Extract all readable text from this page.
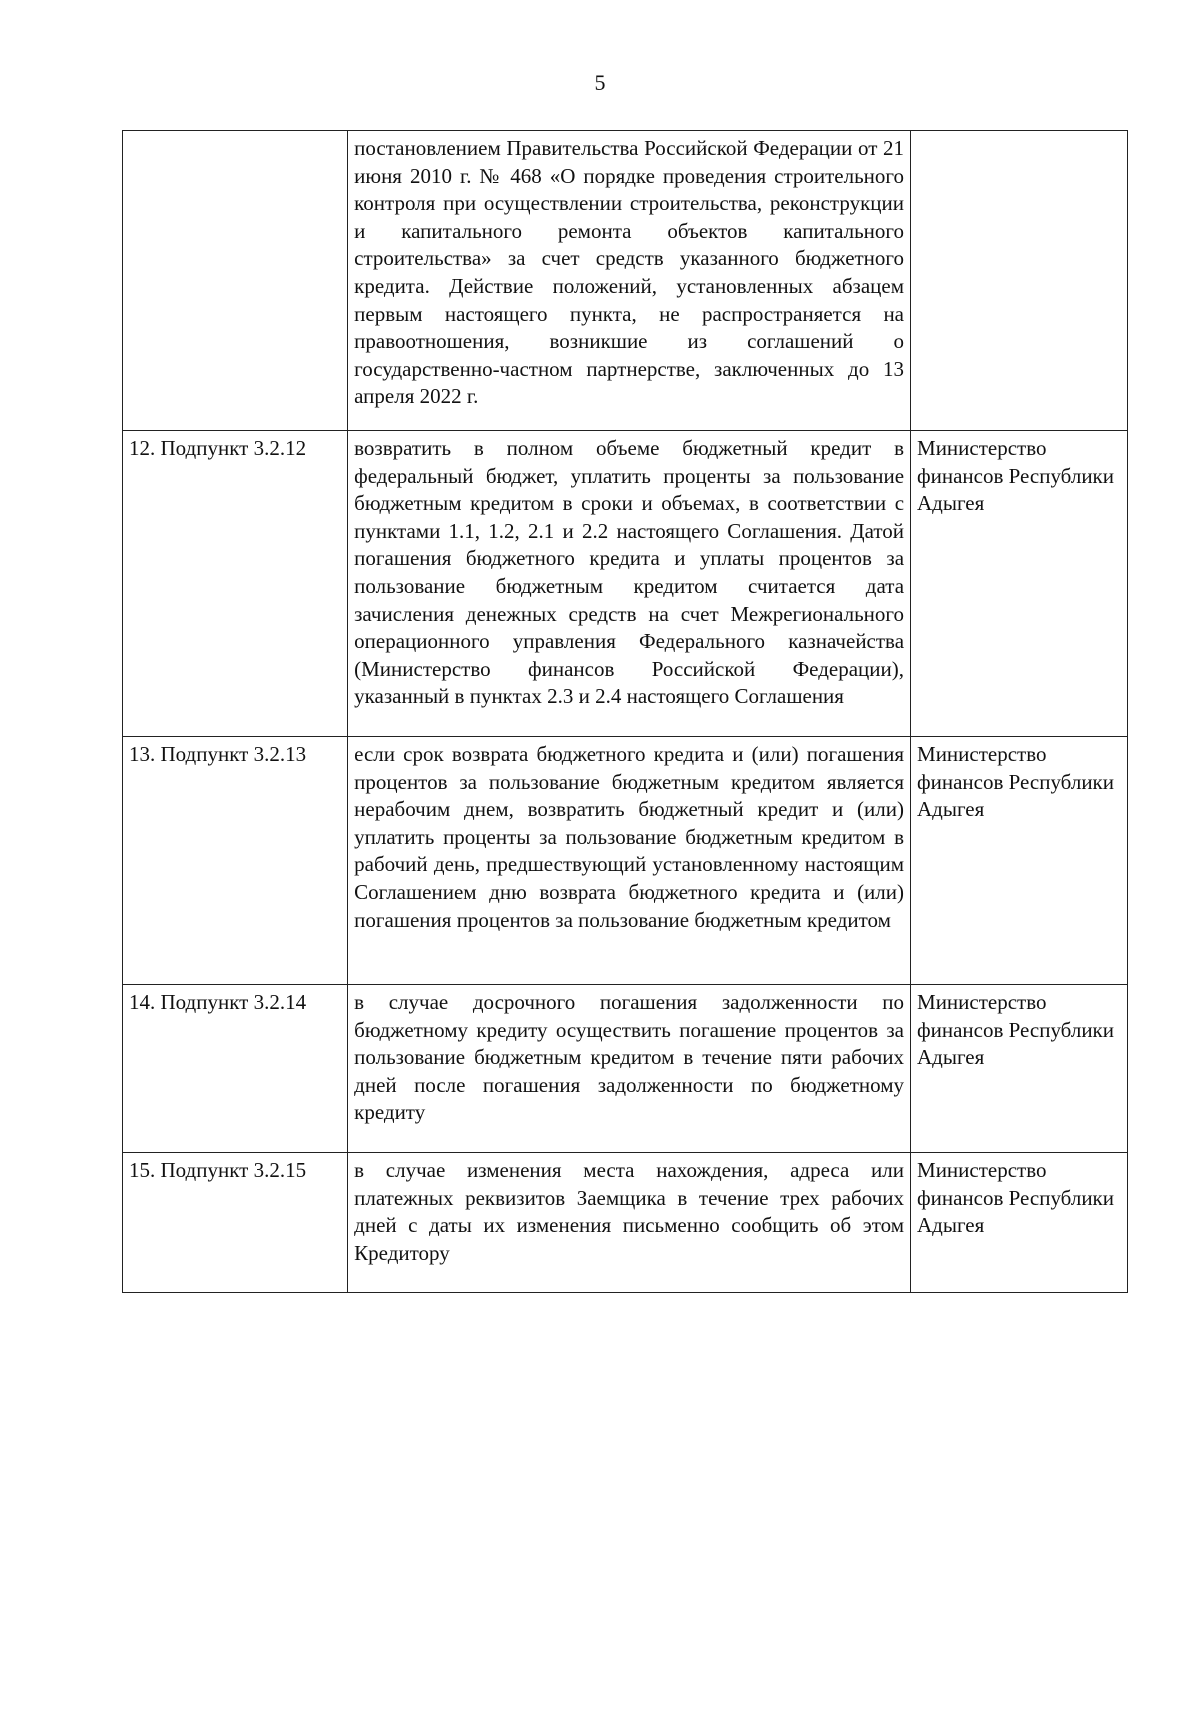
5
	постановлением Правительства Российской Федерации от 21 июня 2010 г. № 468 «О порядке проведения строительного контроля при осуществлении строительства, реконструкции и капитального ремонта объектов капитального строительства» за счет средств указанного бюджетного кредита. Действие положений, установленных абзацем первым настоящего пункта, не распространяется на правоотношения, возникшие из соглашений о государственно-частном партнерстве, заключенных до 13 апреля 2022 г.	
12. Подпункт 3.2.12	возвратить в полном объеме бюджетный кредит в федеральный бюджет, уплатить проценты за пользование бюджетным кредитом в сроки и объемах, в соответствии с пунктами 1.1, 1.2, 2.1 и 2.2 настоящего Соглашения. Датой погашения бюджетного кредита и уплаты процентов за пользование бюджетным кредитом считается дата зачисления денежных средств на счет Межрегионального операционного управления Федерального казначейства (Министерство финансов Российской Федерации), указанный в пунктах 2.3 и 2.4 настоящего Соглашения	Министерство финансов Республики Адыгея
13. Подпункт 3.2.13	если срок возврата бюджетного кредита и (или) погашения процентов за пользование бюджетным кредитом является нерабочим днем, возвратить бюджетный кредит и (или) уплатить проценты за пользование бюджетным кредитом в рабочий день, предшествующий установленному настоящим Соглашением дню возврата бюджетного кредита и (или) погашения процентов за пользование бюджетным кредитом	Министерство финансов Республики Адыгея
14. Подпункт 3.2.14	в случае досрочного погашения задолженности по бюджетному кредиту осуществить погашение процентов за пользование бюджетным кредитом в течение пяти рабочих дней после погашения задолженности по бюджетному кредиту	Министерство финансов Республики Адыгея
15. Подпункт 3.2.15	в случае изменения места нахождения, адреса или платежных реквизитов Заемщика в течение трех рабочих дней с даты их изменения письменно сообщить об этом Кредитору	Министерство финансов Республики Адыгея
